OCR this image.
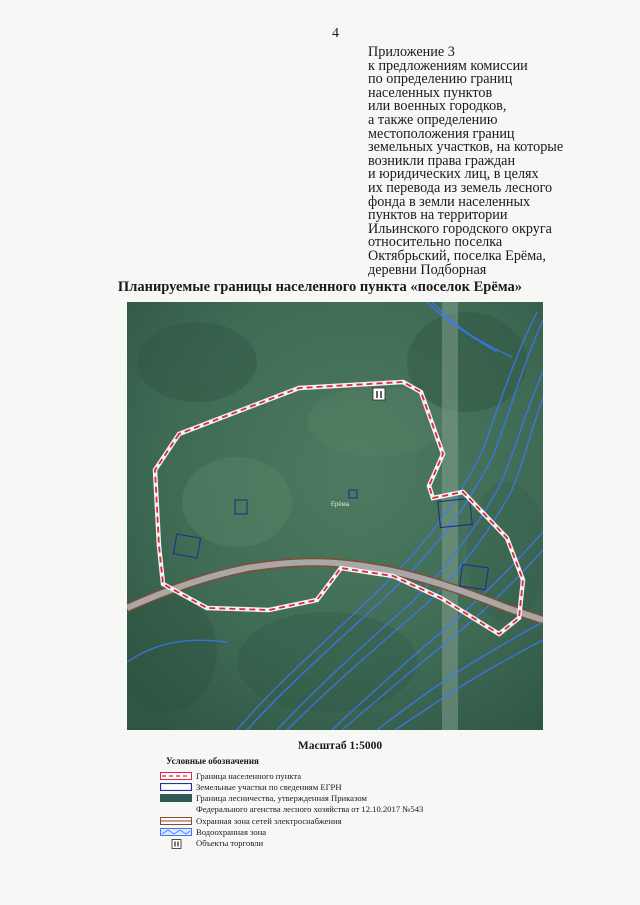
4
Приложение 3
к предложениям комиссии
по определению границ
населенных пунктов
или военных городков,
а также определению
местоположения границ
земельных участков, на которые
возникли права граждан
и юридических лиц, в целях
их перевода из земель лесного
фонда в земли населенных
пунктов на территории
Ильинского городского округа
относительно поселка
Октябрьский, поселка Ерёма,
деревни Подборная
Планируемые границы населенного пункта «поселок Ерёма»
Ерёма
Масштаб 1:5000
Условные обозначения
Граница населенного пункта
Земельные участки по сведениям ЕГРН
Граница лесничества, утвержденная Приказом
Федерального агенства лесного хозяйства от 12.10.2017 №543
Охранная зона сетей электроснабжения
Водоохранная зона
Объекты торговли
